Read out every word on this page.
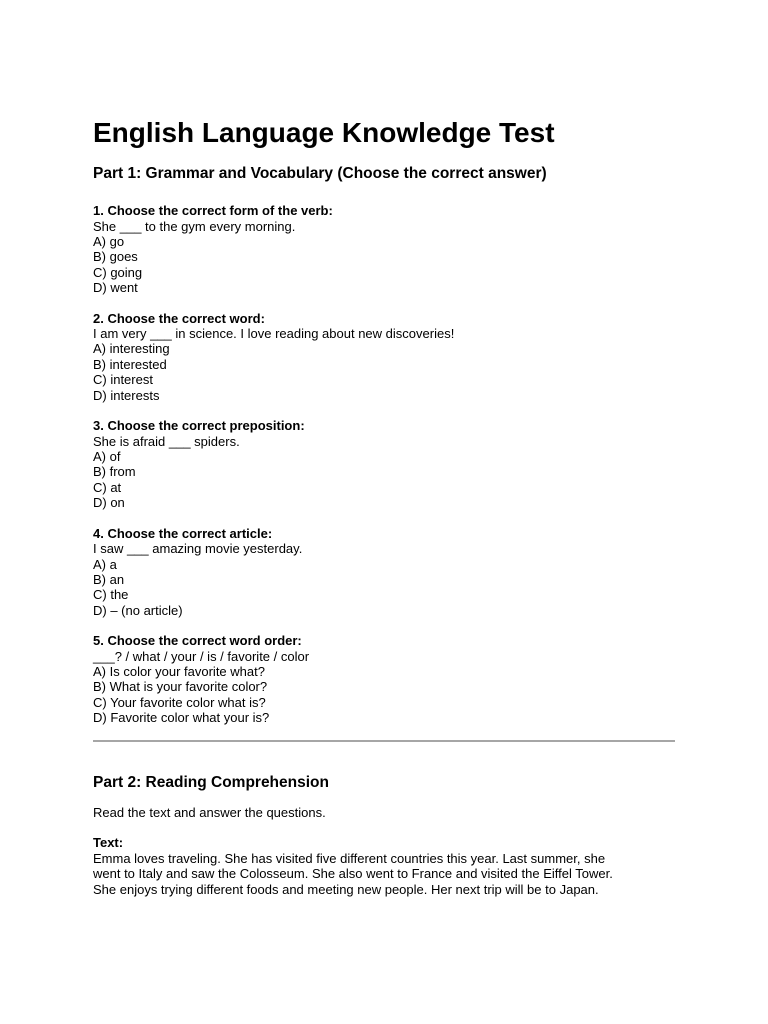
English Language Knowledge Test
Part 1: Grammar and Vocabulary (Choose the correct answer)
1. Choose the correct form of the verb:
She ___ to the gym every morning.
A) go
B) goes
C) going
D) went
2. Choose the correct word:
I am very ___ in science. I love reading about new discoveries!
A) interesting
B) interested
C) interest
D) interests
3. Choose the correct preposition:
She is afraid ___ spiders.
A) of
B) from
C) at
D) on
4. Choose the correct article:
I saw ___ amazing movie yesterday.
A) a
B) an
C) the
D) – (no article)
5. Choose the correct word order:
___? / what / your / is / favorite / color
A) Is color your favorite what?
B) What is your favorite color?
C) Your favorite color what is?
D) Favorite color what your is?
Part 2: Reading Comprehension
Read the text and answer the questions.
Text:
Emma loves traveling. She has visited five different countries this year. Last summer, she
went to Italy and saw the Colosseum. She also went to France and visited the Eiffel Tower.
She enjoys trying different foods and meeting new people. Her next trip will be to Japan.
